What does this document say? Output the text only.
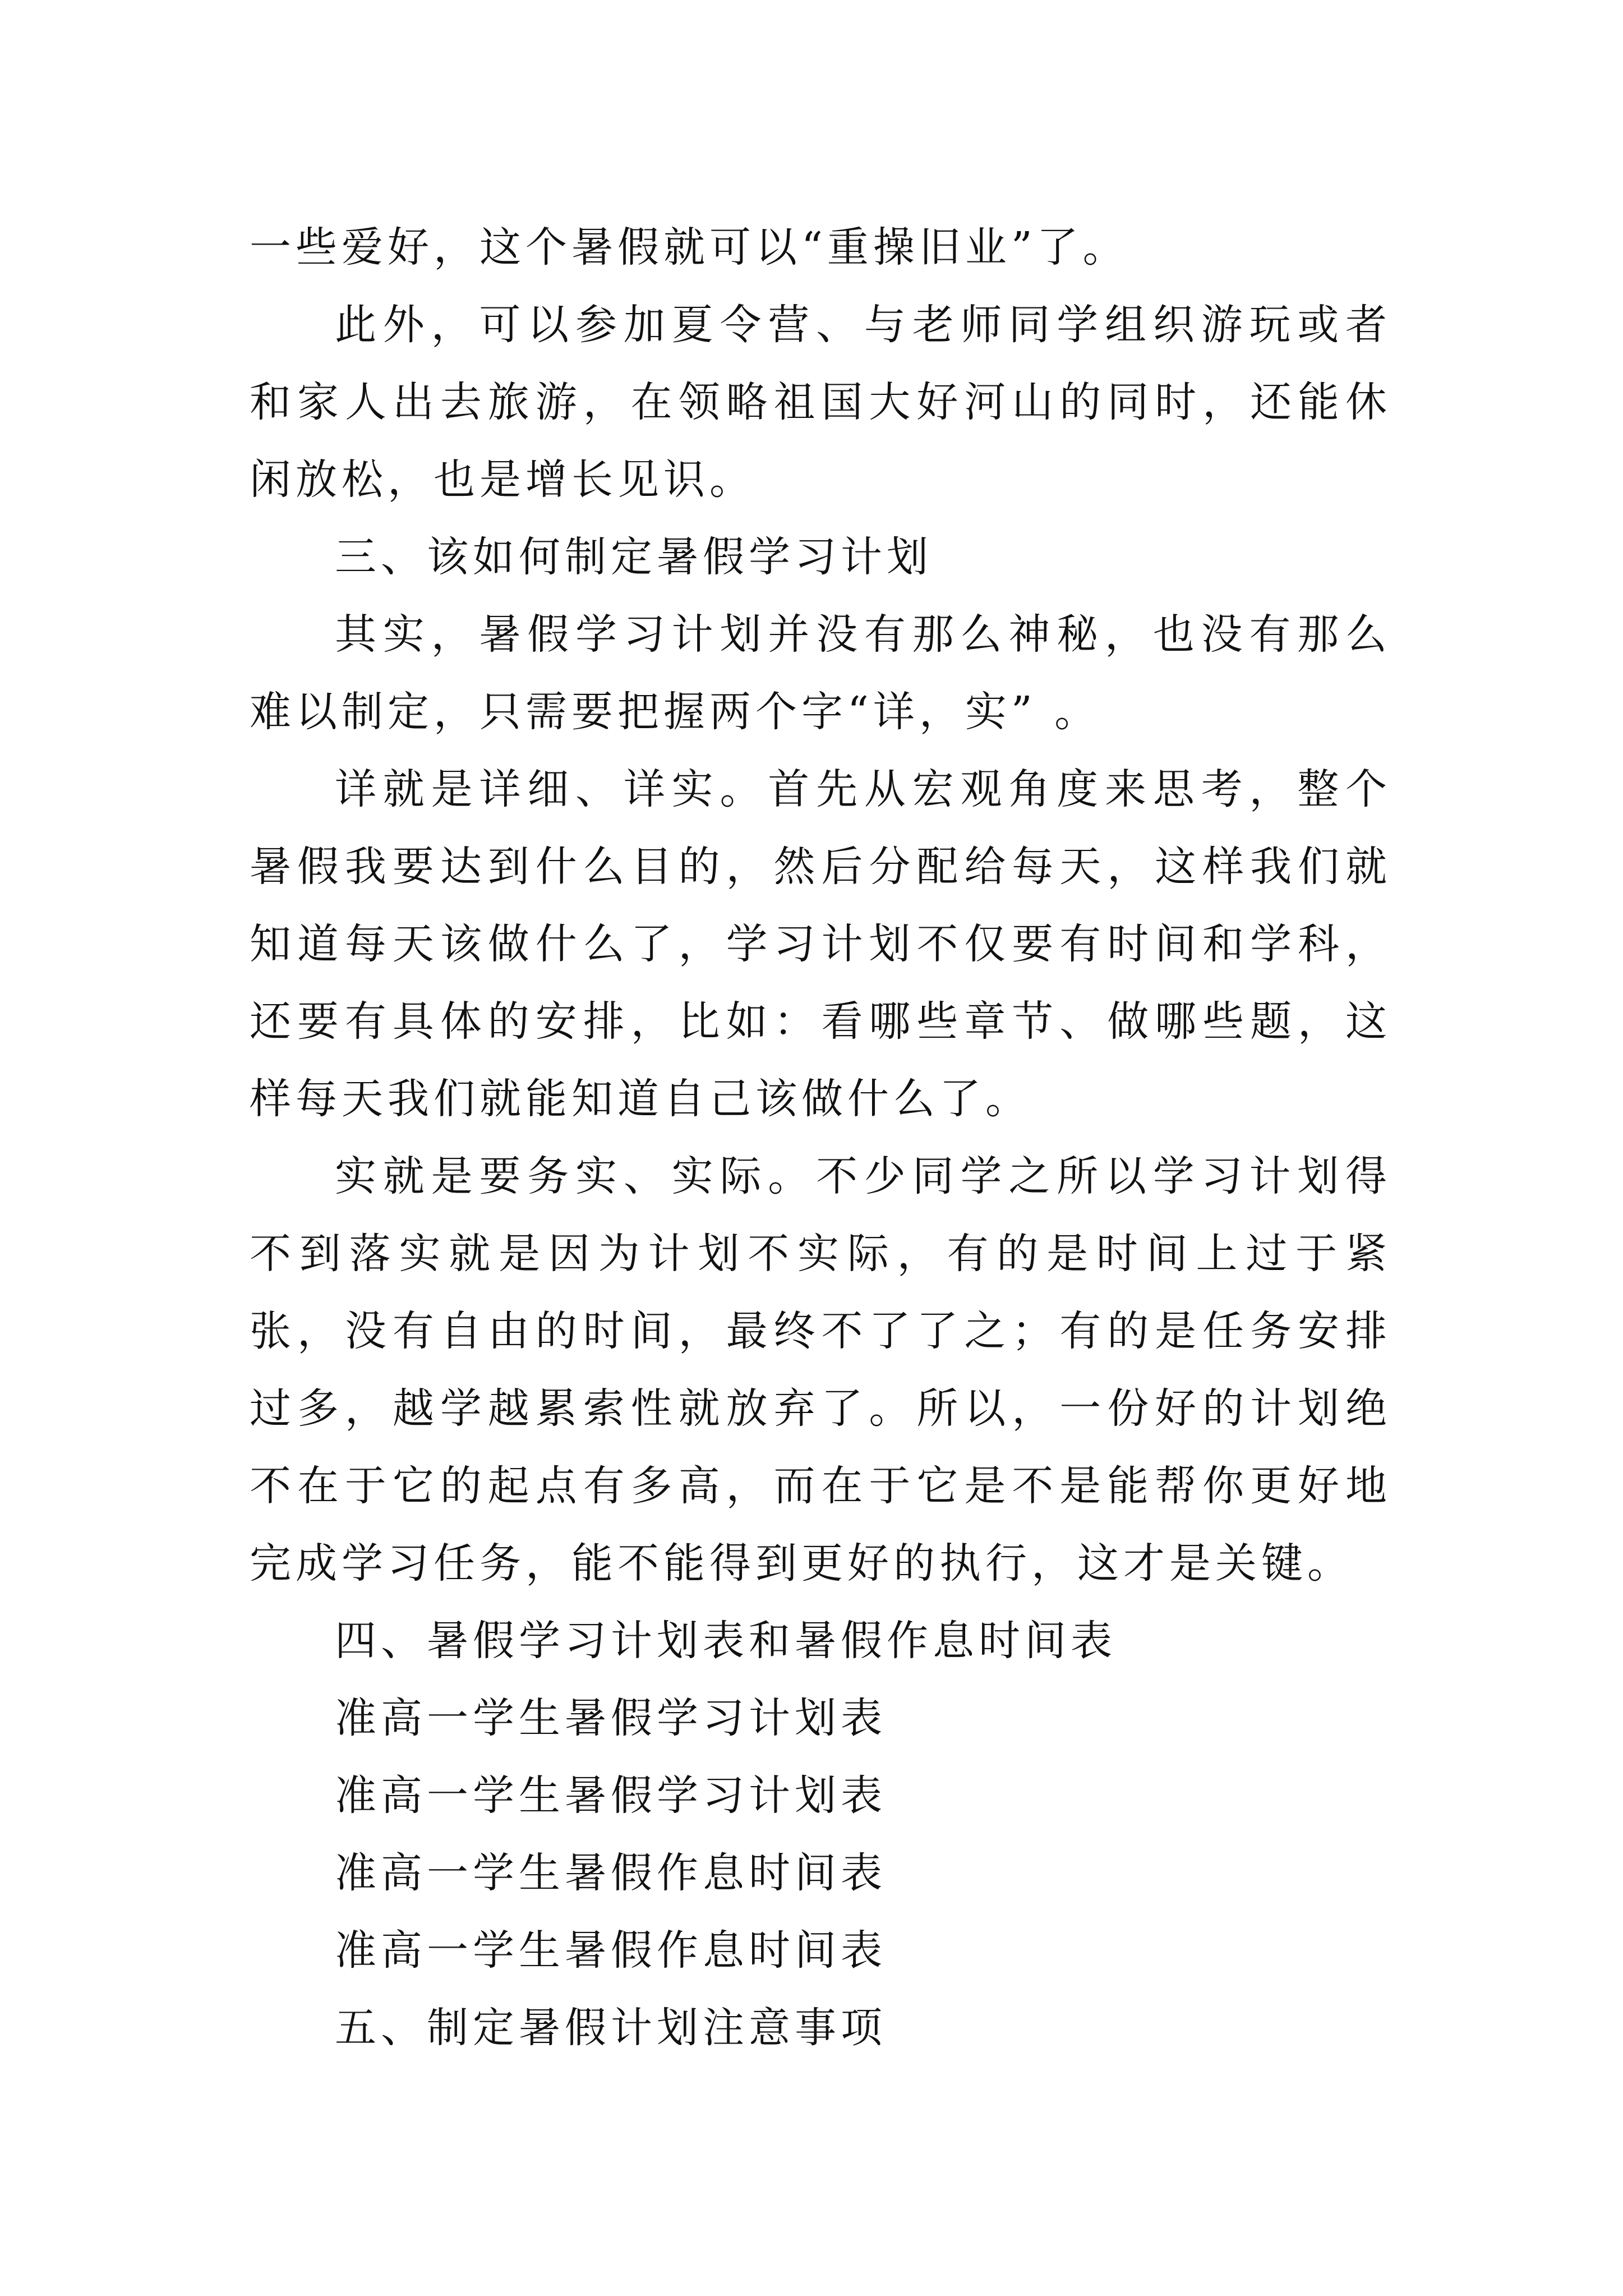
一些爱好，这个暑假就可以“重操旧业”了。

此外，可以参加夏令营、与老师同学组织游玩或者和家人出去旅游，在领略祖国大好河山的同时，还能休闲放松，也是增长见识。

三、该如何制定暑假学习计划

其实，暑假学习计划并没有那么神秘，也没有那么难以制定，只需要把握两个字“详，实” 。

详就是详细、详实。首先从宏观角度来思考，整个暑假我要达到什么目的，然后分配给每天，这样我们就知道每天该做什么了，学习计划不仅要有时间和学科，还要有具体的安排，比如：看哪些章节、做哪些题，这样每天我们就能知道自己该做什么了。

实就是要务实、实际。不少同学之所以学习计划得不到落实就是因为计划不实际，有的是时间上过于紧张，没有自由的时间，最终不了了之；有的是任务安排过多，越学越累索性就放弃了。所以，一份好的计划绝不在于它的起点有多高，而在于它是不是能帮你更好地完成学习任务，能不能得到更好的执行，这才是关键。

四、暑假学习计划表和暑假作息时间表

准高一学生暑假学习计划表

准高一学生暑假学习计划表

准高一学生暑假作息时间表

准高一学生暑假作息时间表

五、制定暑假计划注意事项
